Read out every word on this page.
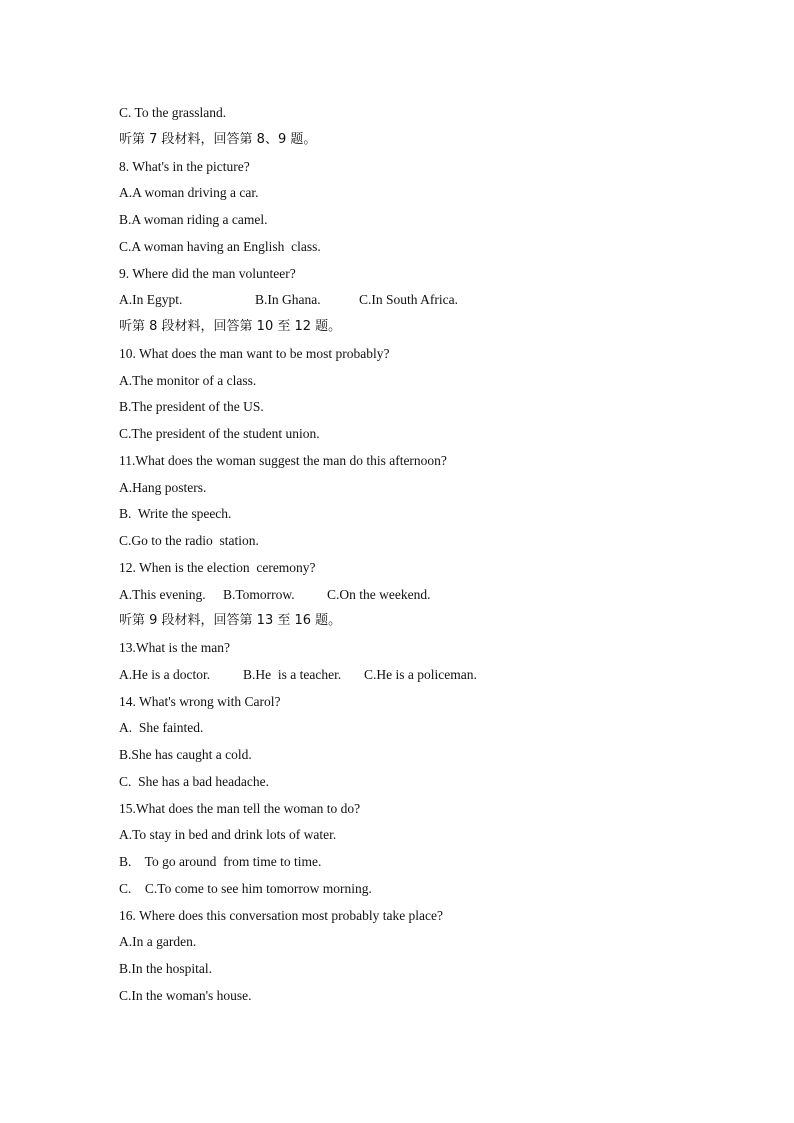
C. To the grassland.
听第 7 段材料，回答第 8、9 题。
8. What's in the picture?
A.A woman driving a car.
B.A woman riding a camel.
C.A woman having an English  class.
9. Where did the man volunteer?
A.In Egypt.	B.In Ghana.	C.In South Africa.
听第 8 段材料，回答第 10 至 12 题。
10. What does the man want to be most probably?
A.The monitor of a class.
B.The president of the US.
C.The president of the student union.
11.What does the woman suggest the man do this afternoon?
A.Hang posters.
B.  Write the speech.
C.Go to the radio  station.
12. When is the election  ceremony?
A.This evening. B.Tomorrow. C.On the weekend.
听第 9 段材料，回答第 13 至 16 题。
13.What is the man?
A.He is a doctor. B.He  is a teacher. C.He is a policeman.
14. What's wrong with Carol?
A.  She fainted.
B.She has caught a cold.
C.  She has a bad headache.
15.What does the man tell the woman to do?
A.To stay in bed and drink lots of water.
B.    To go around  from time to time.
C.    C.To come to see him tomorrow morning.
16. Where does this conversation most probably take place?
A.In a garden.
B.In the hospital.
C.In the woman's house.
